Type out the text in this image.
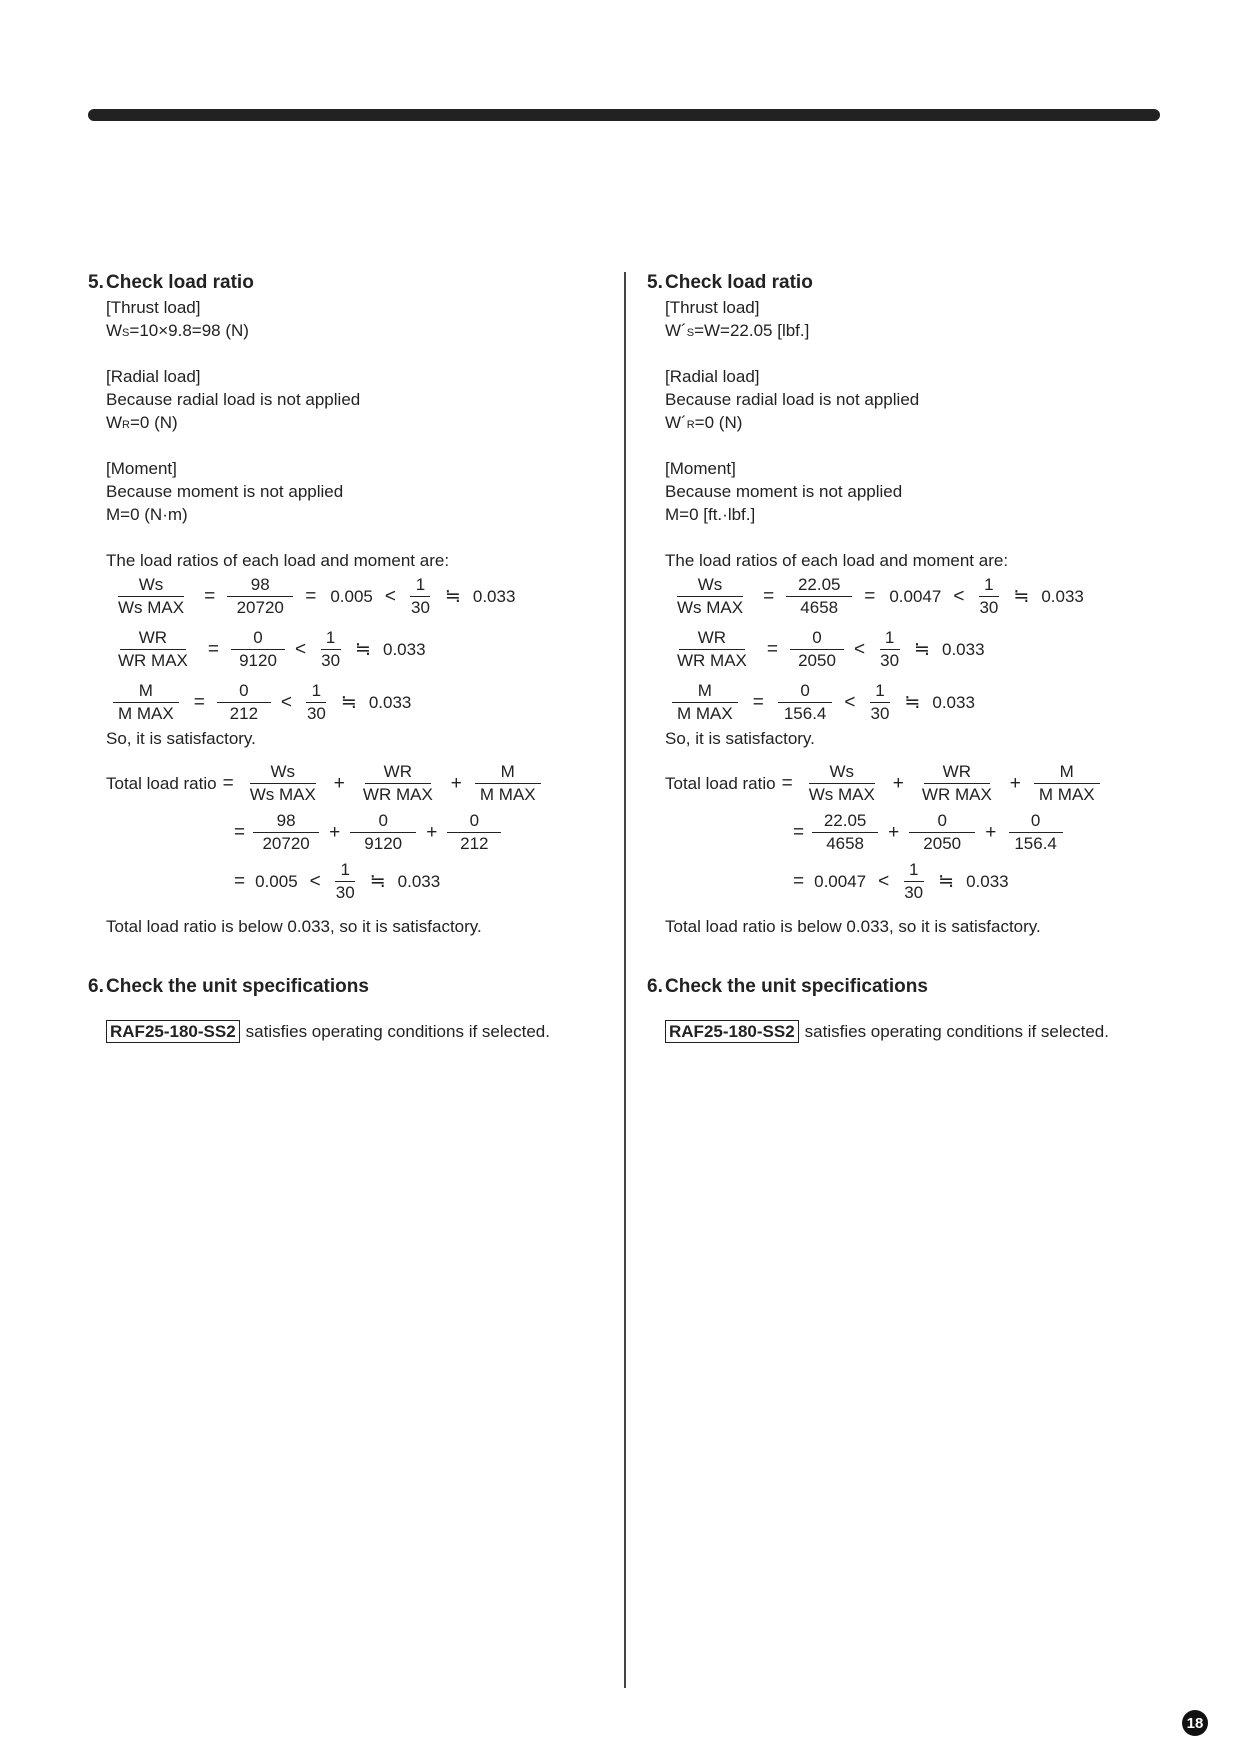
5. Check load ratio
[Thrust load]
WS=10×9.8=98 (N)
[Radial load]
Because radial load is not applied
WR=0 (N)
[Moment]
Because moment is not applied
M=0 (N·m)
The load ratios of each load and moment are:
$\frac{Ws}{\text{Ws MAX}} = \frac{98}{20720} = 0.005 < \frac{1}{30}$ ≒ 0.033
$\frac{WR}{\text{WR MAX}} = \frac{0}{9120} < \frac{1}{30}$ ≒ 0.033
$\frac{M}{\text{M MAX}} = \frac{0}{212} < \frac{1}{30}$ ≒ 0.033
So, it is satisfactory.
Total load ratio = $\frac{Ws}{\text{Ws MAX}} + \frac{WR}{\text{WR MAX}} + \frac{M}{\text{M MAX}}$
= $\frac{98}{20720} + \frac{0}{9120} + \frac{0}{212}$
= $0.005 < \frac{1}{30}$ ≒ 0.033
Total load ratio is below 0.033, so it is satisfactory.
6. Check the unit specifications
RAF25-180-SS2 satisfies operating conditions if selected.
5. Check load ratio
[Thrust load]
W´S=W=22.05 [lbf.]
[Radial load]
Because radial load is not applied
W´R=0 (N)
[Moment]
Because moment is not applied
M=0 [ft.·lbf.]
The load ratios of each load and moment are:
$\frac{Ws}{\text{Ws MAX}} = \frac{22.05}{4658} = 0.0047 < \frac{1}{30}$ ≒ 0.033
$\frac{WR}{\text{WR MAX}} = \frac{0}{2050} < \frac{1}{30}$ ≒ 0.033
$\frac{M}{\text{M MAX}} = \frac{0}{156.4} < \frac{1}{30}$ ≒ 0.033
So, it is satisfactory.
Total load ratio = $\frac{Ws}{\text{Ws MAX}} + \frac{WR}{\text{WR MAX}} + \frac{M}{\text{M MAX}}$
= $\frac{22.05}{4658} + \frac{0}{2050} + \frac{0}{156.4}$
= $0.0047 < \frac{1}{30}$ ≒ 0.033
Total load ratio is below 0.033, so it is satisfactory.
6. Check the unit specifications
RAF25-180-SS2 satisfies operating conditions if selected.
18
